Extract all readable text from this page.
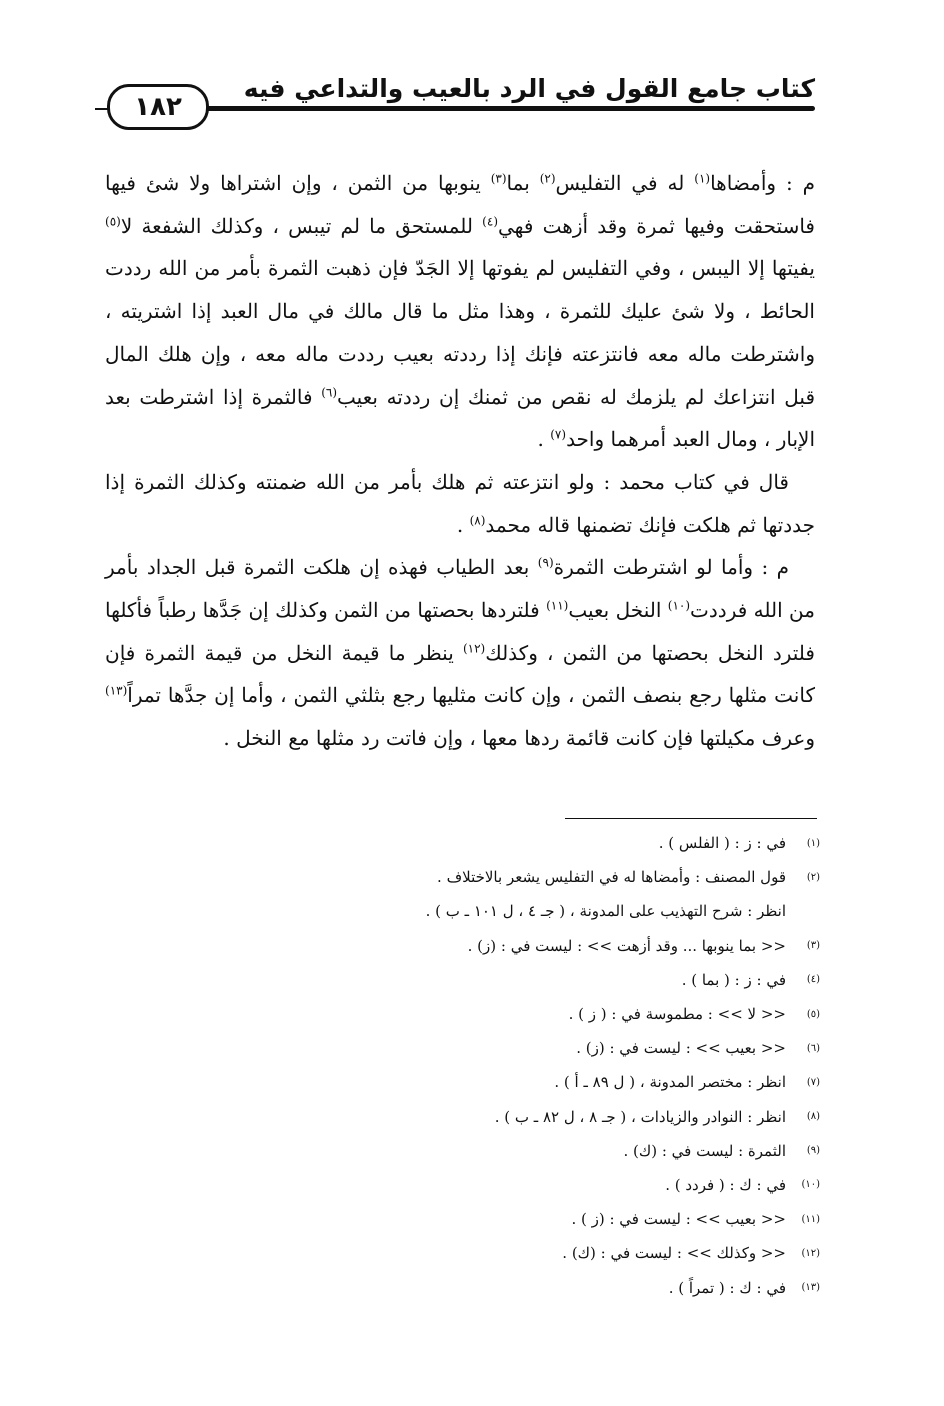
كتاب جامع القول في الرد بالعيب والتداعي فيه
١٨٢

م : وأمضاها$^{(١)}$ له في التفليس$^{(٢)}$ بما$^{(٣)}$ ينوبها من الثمن ، وإن اشتراها ولا شئ فيها فاستحقت وفيها ثمرة وقد أزهت فهي$^{(٤)}$ للمستحق ما لم تيبس ، وكذلك الشفعة لا$^{(٥)}$ يفيتها إلا اليبس ، وفي التفليس لم يفوتها إلا الجَدّ فإن ذهبت الثمرة بأمر من الله رددت الحائط ، ولا شئ عليك للثمرة ، وهذا مثل ما قال مالك في مال العبد إذا اشتريته ، واشترطت ماله معه فانتزعته فإنك إذا رددته بعيب رددت ماله معه ، وإن هلك المال قبل انتزاعك لم يلزمك له نقص من ثمنك إن رددته بعيب$^{(٦)}$ فالثمرة إذا اشترطت بعد الإبار ، ومال العبد أمرهما واحد$^{(٧)}$ .

قال في كتاب محمد : ولو انتزعته ثم هلك بأمر من الله ضمنته وكذلك الثمرة إذا جددتها ثم هلكت فإنك تضمنها قاله محمد$^{(٨)}$ .

م : وأما لو اشترطت الثمرة$^{(٩)}$ بعد الطياب فهذه إن هلكت الثمرة قبل الجداد بأمر من الله فرددت$^{(١٠)}$ النخل بعيب$^{(١١)}$ فلتردها بحصتها من الثمن وكذلك إن جَدَّها رطباً فأكلها فلترد النخل بحصتها من الثمن ، وكذلك$^{(١٢)}$ ينظر ما قيمة النخل من قيمة الثمرة فإن كانت مثلها رجع بنصف الثمن ، وإن كانت مثليها رجع بثلثي الثمن ، وأما إن جدَّها تمراً$^{(١٣)}$ وعرف مكيلتها فإن كانت قائمة ردها معها ، وإن فاتت رد مثلها مع النخل .

(١)
في : ز : ( الفلس ) .
(٢)
قول المصنف : وأمضاها له في التفليس يشعر بالاختلاف .
انظر : شرح التهذيب على المدونة ، ( جـ ٤ ، ل ١٠١ ـ ب ) .
(٣)
<< بما ينوبها ... وقد أزهت >> : ليست في : (ز) .
(٤)
في : ز : ( بما ) .
(٥)
<< لا >> : مطموسة في : ( ز ) .
(٦)
<< بعيب >> : ليست في : (ز) .
(٧)
انظر : مختصر المدونة ، ( ل ٨٩ ـ أ ) .
(٨)
انظر : النوادر والزيادات ، ( جـ ٨ ، ل ٨٢ ـ ب ) .
(٩)
الثمرة : ليست في : (ك) .
(١٠)
في : ك : ( فردد ) .
(١١)
<< بعيب >> : ليست في : (ز ) .
(١٢)
<< وكذلك >> : ليست في : (ك) .
(١٣)
في : ك : ( تمراً ) .
